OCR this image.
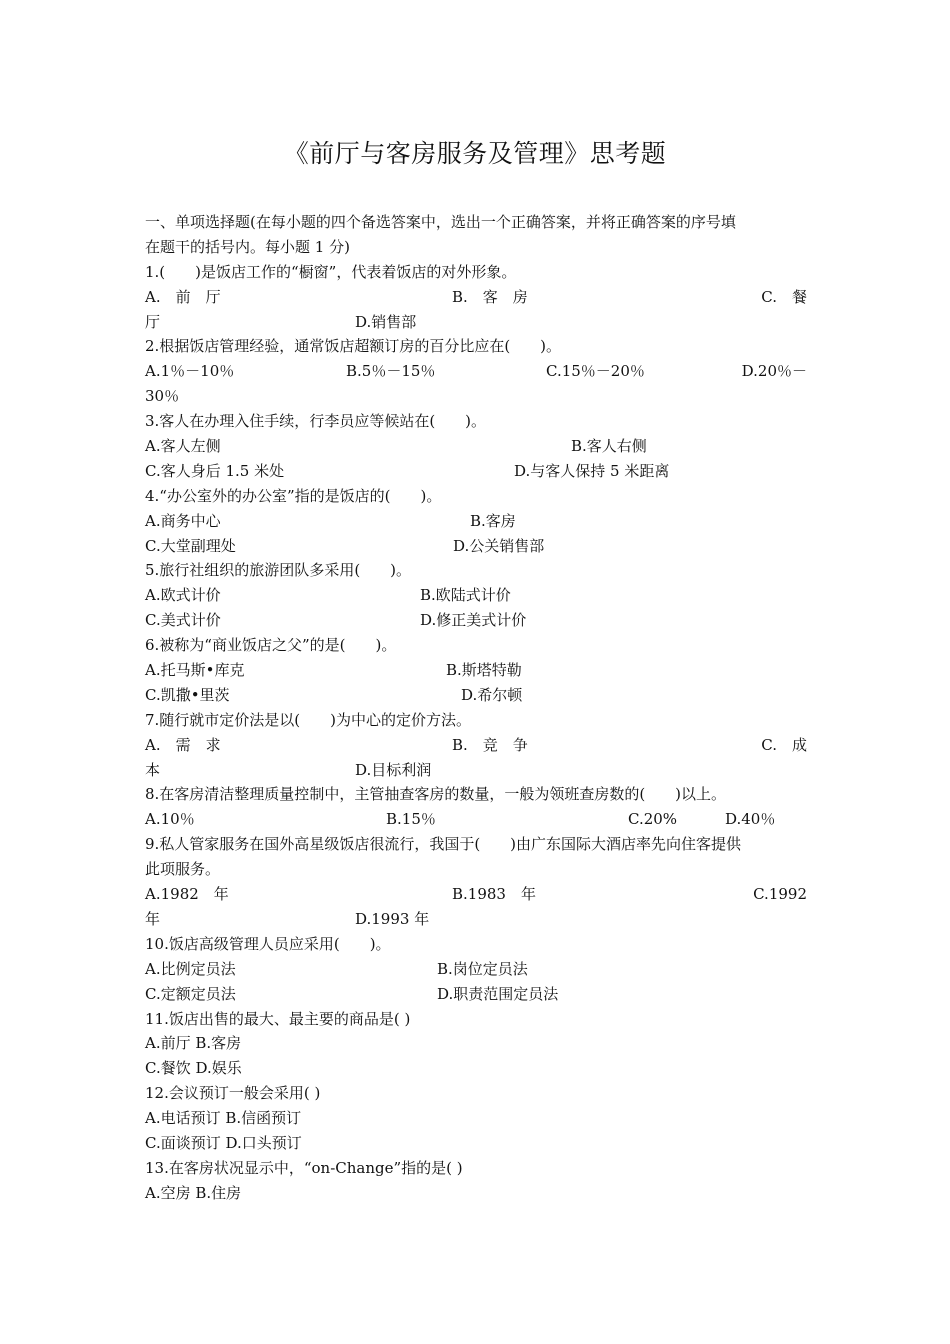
《前厅与客房服务及管理》思考题
一、单项选择题(在每小题的四个备选答案中，选出一个正确答案，并将正确答案的序号填
在题干的括号内。每小题 1 分)
1.(　　)是饭店工作的“橱窗”，代表着饭店的对外形象。
A.　前　厅	B.　客　房	C.　餐
厅	D.销售部
2.根据饭店管理经验，通常饭店超额订房的百分比应在(　　)。
A.1％－10％	B.5％－15％	C.15％－20％	D.20％－
30％
3.客人在办理入住手续，行李员应等候站在(　　)。
A.客人左侧	B.客人右侧
C.客人身后 1.5 米处	D.与客人保持 5 米距离
4.“办公室外的办公室”指的是饭店的(　　)。
A.商务中心	B.客房
C.大堂副理处	D.公关销售部
5.旅行社组织的旅游团队多采用(　　)。
A.欧式计价	B.欧陆式计价
C.美式计价	D.修正美式计价
6.被称为“商业饭店之父”的是(　　)。
A.托马斯•库克	B.斯塔特勒
C.凯撒•里茨	D.希尔顿
7.随行就市定价法是以(　　)为中心的定价方法。
A.　需　求	B.　竞　争	C.　成
本	D.目标利润
8.在客房清洁整理质量控制中，主管抽查客房的数量，一般为领班查房数的(　　)以上。
A.10％	B.15％	C.20%	D.40％
9.私人管家服务在国外高星级饭店很流行，我国于(　　)由广东国际大酒店率先向住客提供
此项服务。
A.1982　年	B.1983　年	C.1992
年	D.1993 年
10.饭店高级管理人员应采用(　　)。
A.比例定员法	B.岗位定员法
C.定额定员法	D.职责范围定员法
11.饭店出售的最大、最主要的商品是( )
A.前厅 B.客房
C.餐饮 D.娱乐
12.会议预订一般会采用( )
A.电话预订 B.信函预订
C.面谈预订 D.口头预订
13.在客房状况显示中，“on-Change”指的是( )
A.空房 B.住房
